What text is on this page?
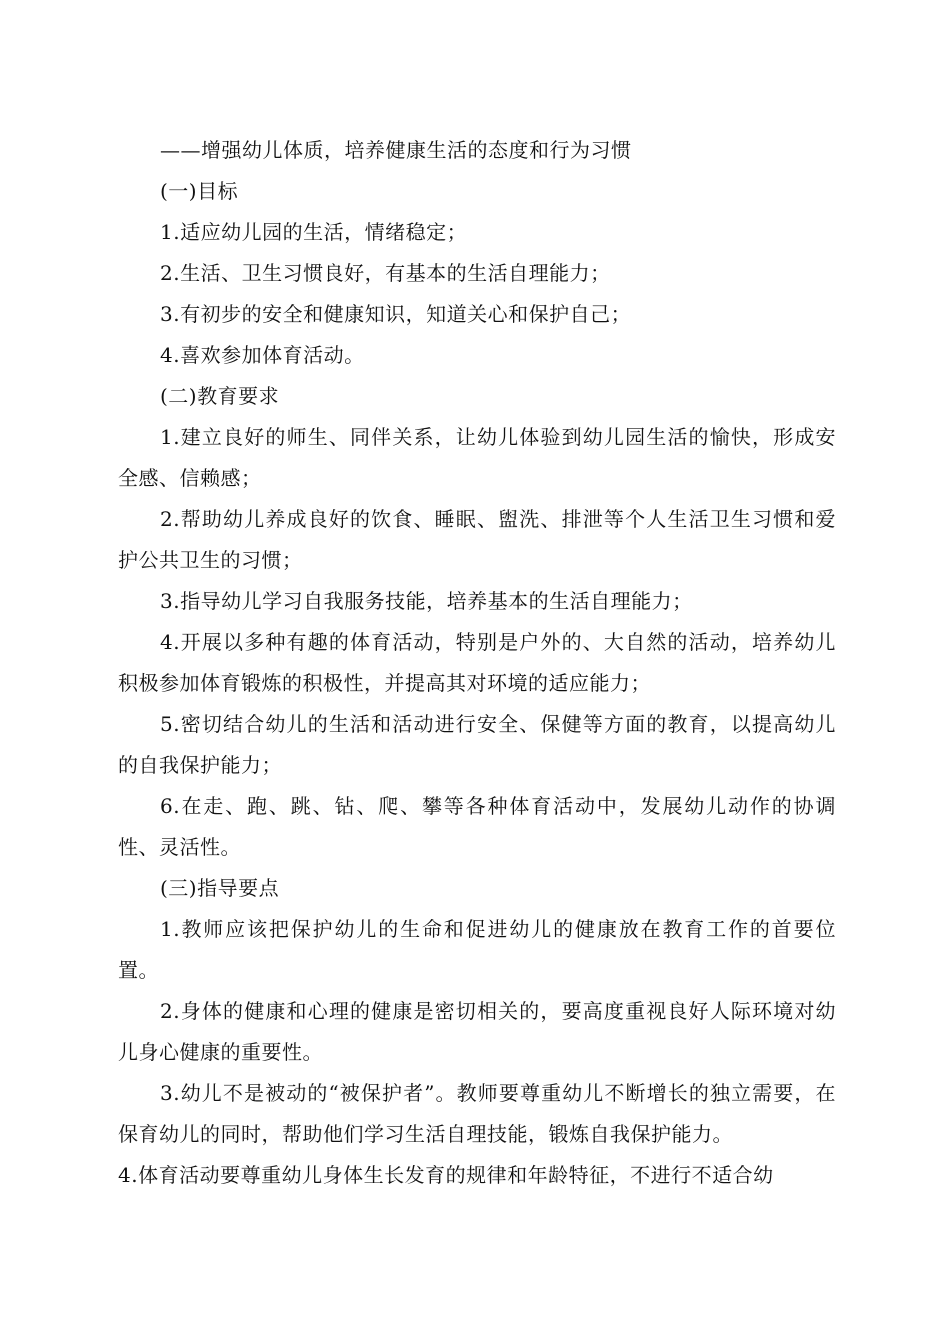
——增强幼儿体质，培养健康生活的态度和行为习惯

(一)目标

1.适应幼儿园的生活，情绪稳定；

2.生活、卫生习惯良好，有基本的生活自理能力；

3.有初步的安全和健康知识，知道关心和保护自己；

4.喜欢参加体育活动。

(二)教育要求

1.建立良好的师生、同伴关系，让幼儿体验到幼儿园生活的愉快，形成安全感、信赖感；

2.帮助幼儿养成良好的饮食、睡眠、盥洗、排泄等个人生活卫生习惯和爱护公共卫生的习惯；

3.指导幼儿学习自我服务技能，培养基本的生活自理能力；

4.开展以多种有趣的体育活动，特别是户外的、大自然的活动，培养幼儿积极参加体育锻炼的积极性，并提高其对环境的适应能力；

5.密切结合幼儿的生活和活动进行安全、保健等方面的教育，以提高幼儿的自我保护能力；

6.在走、跑、跳、钻、爬、攀等各种体育活动中，发展幼儿动作的协调性、灵活性。

(三)指导要点

1.教师应该把保护幼儿的生命和促进幼儿的健康放在教育工作的首要位置。

2.身体的健康和心理的健康是密切相关的，要高度重视良好人际环境对幼儿身心健康的重要性。

3.幼儿不是被动的“被保护者”。教师要尊重幼儿不断增长的独立需要，在保育幼儿的同时，帮助他们学习生活自理技能，锻炼自我保护能力。

4.体育活动要尊重幼儿身体生长发育的规律和年龄特征，不进行不适合幼
